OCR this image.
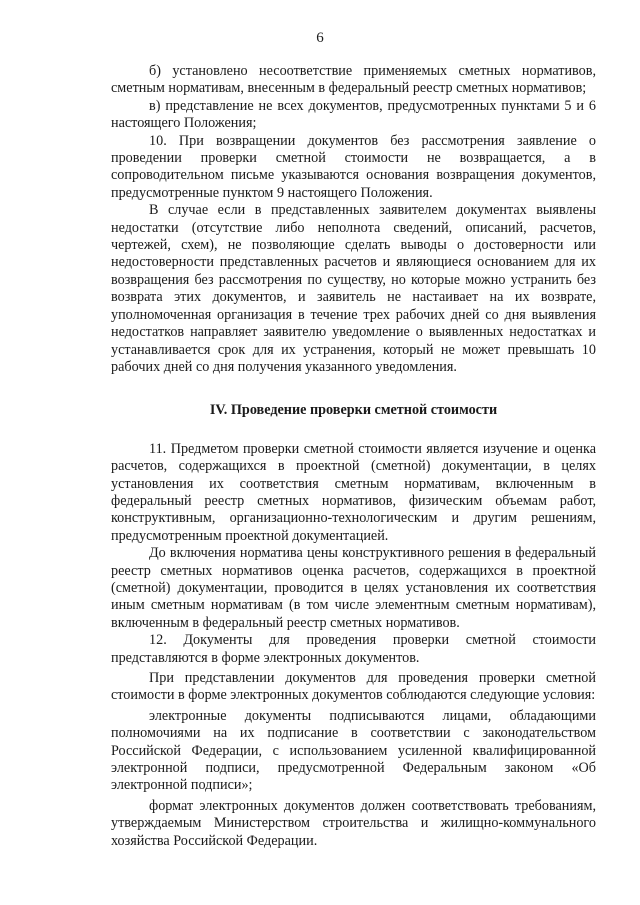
6

б) установлено несоответствие применяемых сметных нормативов, сметным нормативам, внесенным в федеральный реестр сметных нормативов;

в) представление не всех документов, предусмотренных пунктами 5 и 6 настоящего Положения;

10. При возвращении документов без рассмотрения заявление о проведении проверки сметной стоимости не возвращается, а в сопроводительном письме указываются основания возвращения документов, предусмотренные пунктом 9 настоящего Положения.

В случае если в представленных заявителем документах выявлены недостатки (отсутствие либо неполнота сведений, описаний, расчетов, чертежей, схем), не позволяющие сделать выводы о достоверности или недостоверности представленных расчетов и являющиеся основанием для их возвращения без рассмотрения по существу, но которые можно устранить без возврата этих документов, и заявитель не настаивает на их возврате, уполномоченная организация в течение трех рабочих дней со дня выявления недостатков направляет заявителю уведомление о выявленных недостатках и устанавливается срок для их устранения, который не может превышать 10 рабочих дней со дня получения указанного уведомления.

IV. Проведение проверки сметной стоимости

11. Предметом проверки сметной стоимости является изучение и оценка расчетов, содержащихся в проектной (сметной) документации, в целях установления их соответствия сметным нормативам, включенным в федеральный реестр сметных нормативов, физическим объемам работ, конструктивным, организационно-технологическим и другим решениям, предусмотренным проектной документацией.

До включения норматива цены конструктивного решения в федеральный реестр сметных нормативов оценка расчетов, содержащихся в проектной (сметной) документации, проводится в целях установления их соответствия иным сметным нормативам (в том числе элементным сметным нормативам), включенным в федеральный реестр сметных нормативов.

12. Документы для проведения проверки сметной стоимости представляются в форме электронных документов.

При представлении документов для проведения проверки сметной стоимости в форме электронных документов соблюдаются следующие условия:

электронные документы подписываются лицами, обладающими полномочиями на их подписание в соответствии с законодательством Российской Федерации, с использованием усиленной квалифицированной электронной подписи, предусмотренной Федеральным законом «Об электронной подписи»;

формат электронных документов должен соответствовать требованиям, утверждаемым Министерством строительства и жилищно-коммунального хозяйства Российской Федерации.
